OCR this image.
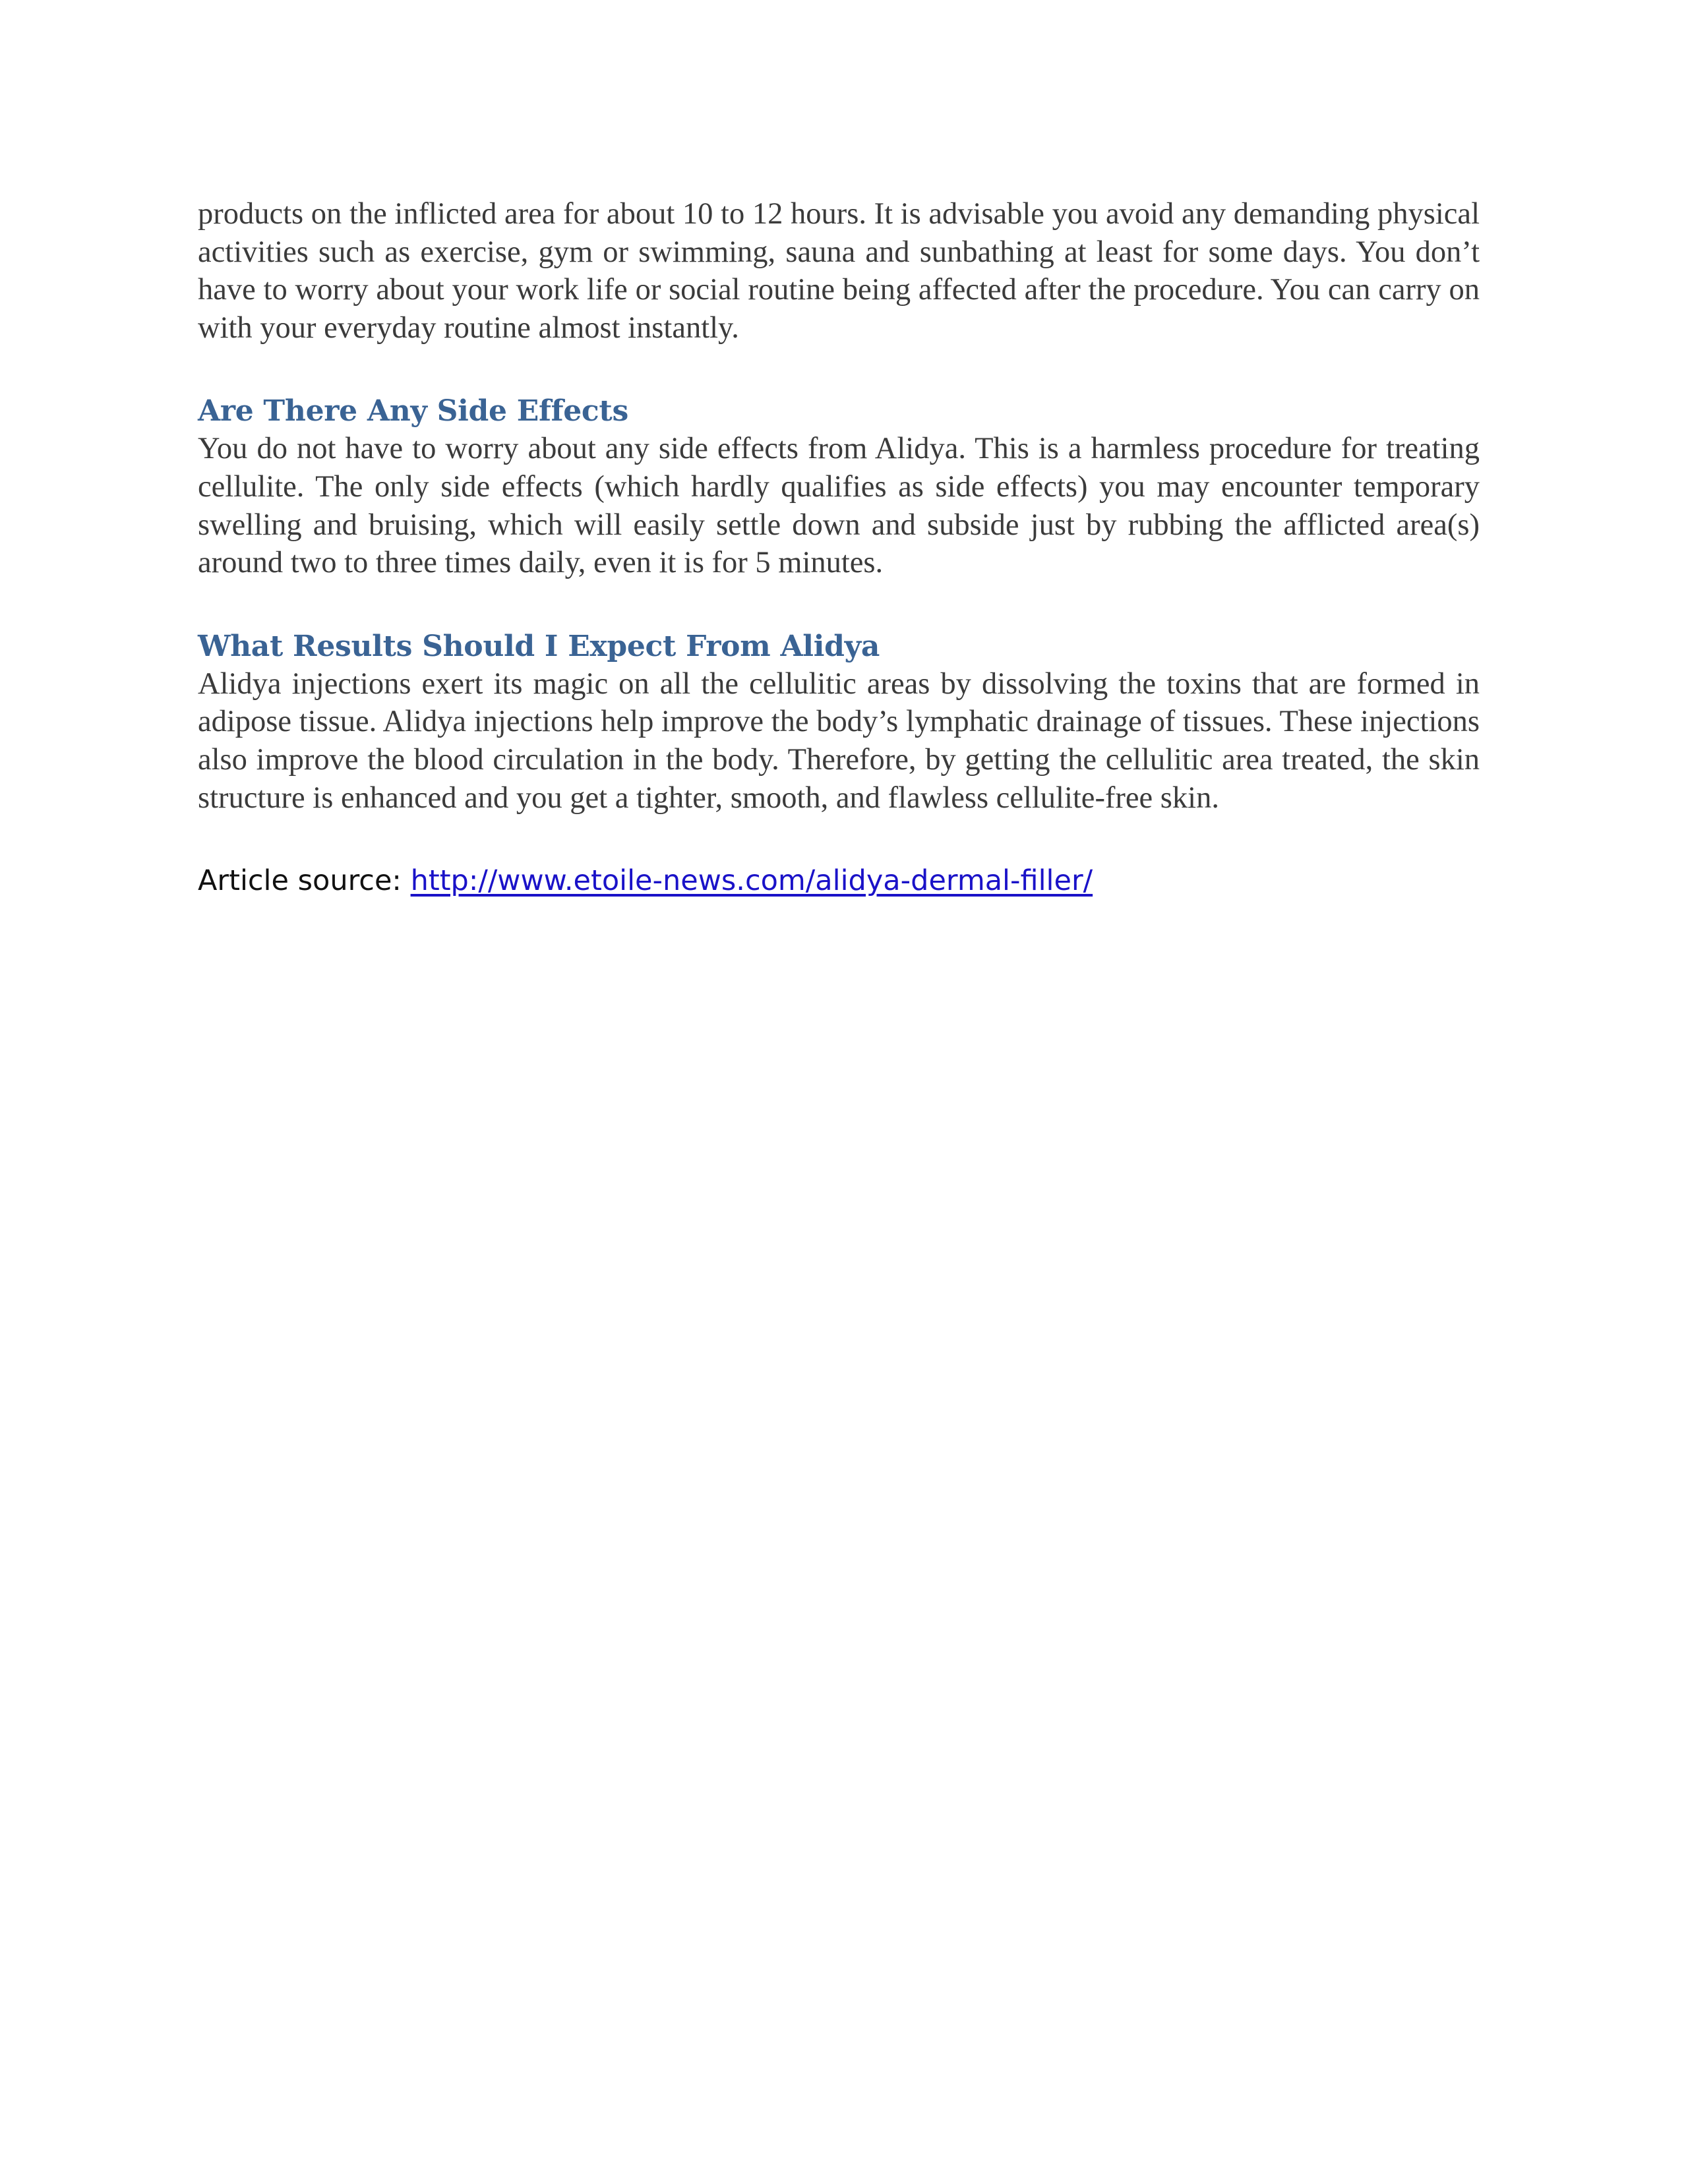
products on the inflicted area for about 10 to 12 hours. It is advisable you avoid any demanding physical activities such as exercise, gym or swimming, sauna and sunbathing at least for some days. You don’t have to worry about your work life or social routine being affected after the procedure. You can carry on with your everyday routine almost instantly.

Are There Any Side Effects

You do not have to worry about any side effects from Alidya. This is a harmless procedure for treating cellulite. The only side effects (which hardly qualifies as side effects) you may encounter temporary swelling and bruising, which will easily settle down and subside just by rubbing the afflicted area(s) around two to three times daily, even it is for 5 minutes.

What Results Should I Expect From Alidya

Alidya injections exert its magic on all the cellulitic areas by dissolving the toxins that are formed in adipose tissue. Alidya injections help improve the body’s lymphatic drainage of tissues. These injections also improve the blood circulation in the body. Therefore, by getting the cellulitic area treated, the skin structure is enhanced and you get a tighter, smooth, and flawless cellulite-free skin.

Article source: http://www.etoile-news.com/alidya-dermal-filler/
